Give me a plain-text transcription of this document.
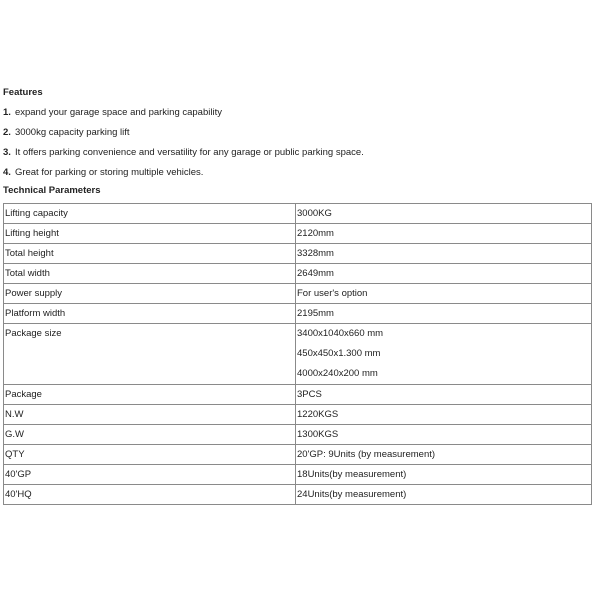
Features
1. expand your garage space and parking capability
2. 3000kg capacity parking lift
3. It offers parking convenience and versatility for any garage or public parking space.
4. Great for parking or storing multiple vehicles.
Technical Parameters
Lifting capacity	3000KG
Lifting height	2120mm
Total height	3328mm
Total width	2649mm
Power supply	For user's option
Platform width	2195mm
Package size	3400x1040x660 mm
450x450x1.300 mm
4000x240x200 mm

Package	3PCS
N.W	1220KGS
G.W	1300KGS
QTY	20'GP: 9Units (by measurement)
40'GP	18Units(by measurement)
40'HQ	24Units(by measurement)
